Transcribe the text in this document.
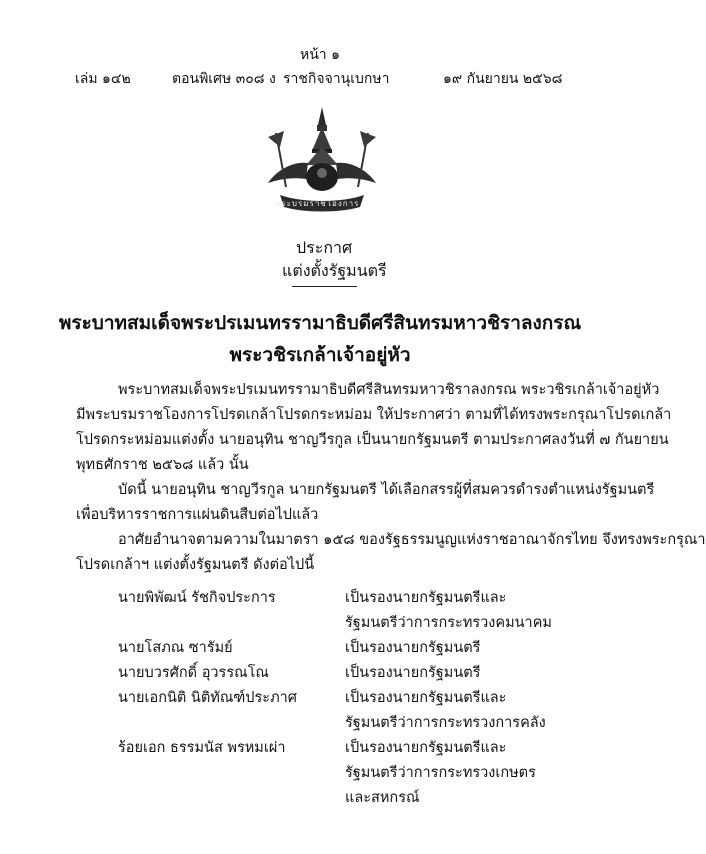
หน้า ๑
เล่ม ๑๔๒	ตอนพิเศษ ๓๐๘ ง ราชกิจจานุเบกษา	๑๙ กันยายน ๒๕๖๘
พระบรมราชโองการ
ประกาศ
แต่งตั้งรัฐมนตรี
พระบาทสมเด็จพระปรเมนทรรามาธิบดีศรีสินทรมหาวชิราลงกรณ
พระวชิรเกล้าเจ้าอยู่หัว
พระบาทสมเด็จพระปรเมนทรรามาธิบดีศรีสินทรมหาวชิราลงกรณ พระวชิรเกล้าเจ้าอยู่หัว
มีพระบรมราชโองการโปรดเกล้าโปรดกระหม่อม ให้ประกาศว่า ตามที่ได้ทรงพระกรุณาโปรดเกล้า
โปรดกระหม่อมแต่งตั้ง นายอนุทิน ชาญวีรกูล เป็นนายกรัฐมนตรี ตามประกาศลงวันที่ ๗ กันยายน
พุทธศักราช ๒๕๖๘ แล้ว นั้น
บัดนี้ นายอนุทิน ชาญวีรกูล นายกรัฐมนตรี ได้เลือกสรรผู้ที่สมควรดำรงตำแหน่งรัฐมนตรี
เพื่อบริหารราชการแผ่นดินสืบต่อไปแล้ว
อาศัยอำนาจตามความในมาตรา ๑๕๘ ของรัฐธรรมนูญแห่งราชอาณาจักรไทย จึงทรงพระกรุณา
โปรดเกล้าฯ แต่งตั้งรัฐมนตรี ดังต่อไปนี้
นายพิพัฒน์ รัชกิจประการ	เป็นรองนายกรัฐมนตรีและ
รัฐมนตรีว่าการกระทรวงคมนาคม
นายโสภณ ซารัมย์	เป็นรองนายกรัฐมนตรี
นายบวรศักดิ์ อุวรรณโณ	เป็นรองนายกรัฐมนตรี
นายเอกนิติ นิติทัณฑ์ประภาศ	เป็นรองนายกรัฐมนตรีและ
รัฐมนตรีว่าการกระทรวงการคลัง
ร้อยเอก ธรรมนัส พรหมเผ่า	เป็นรองนายกรัฐมนตรีและ
รัฐมนตรีว่าการกระทรวงเกษตร
และสหกรณ์
